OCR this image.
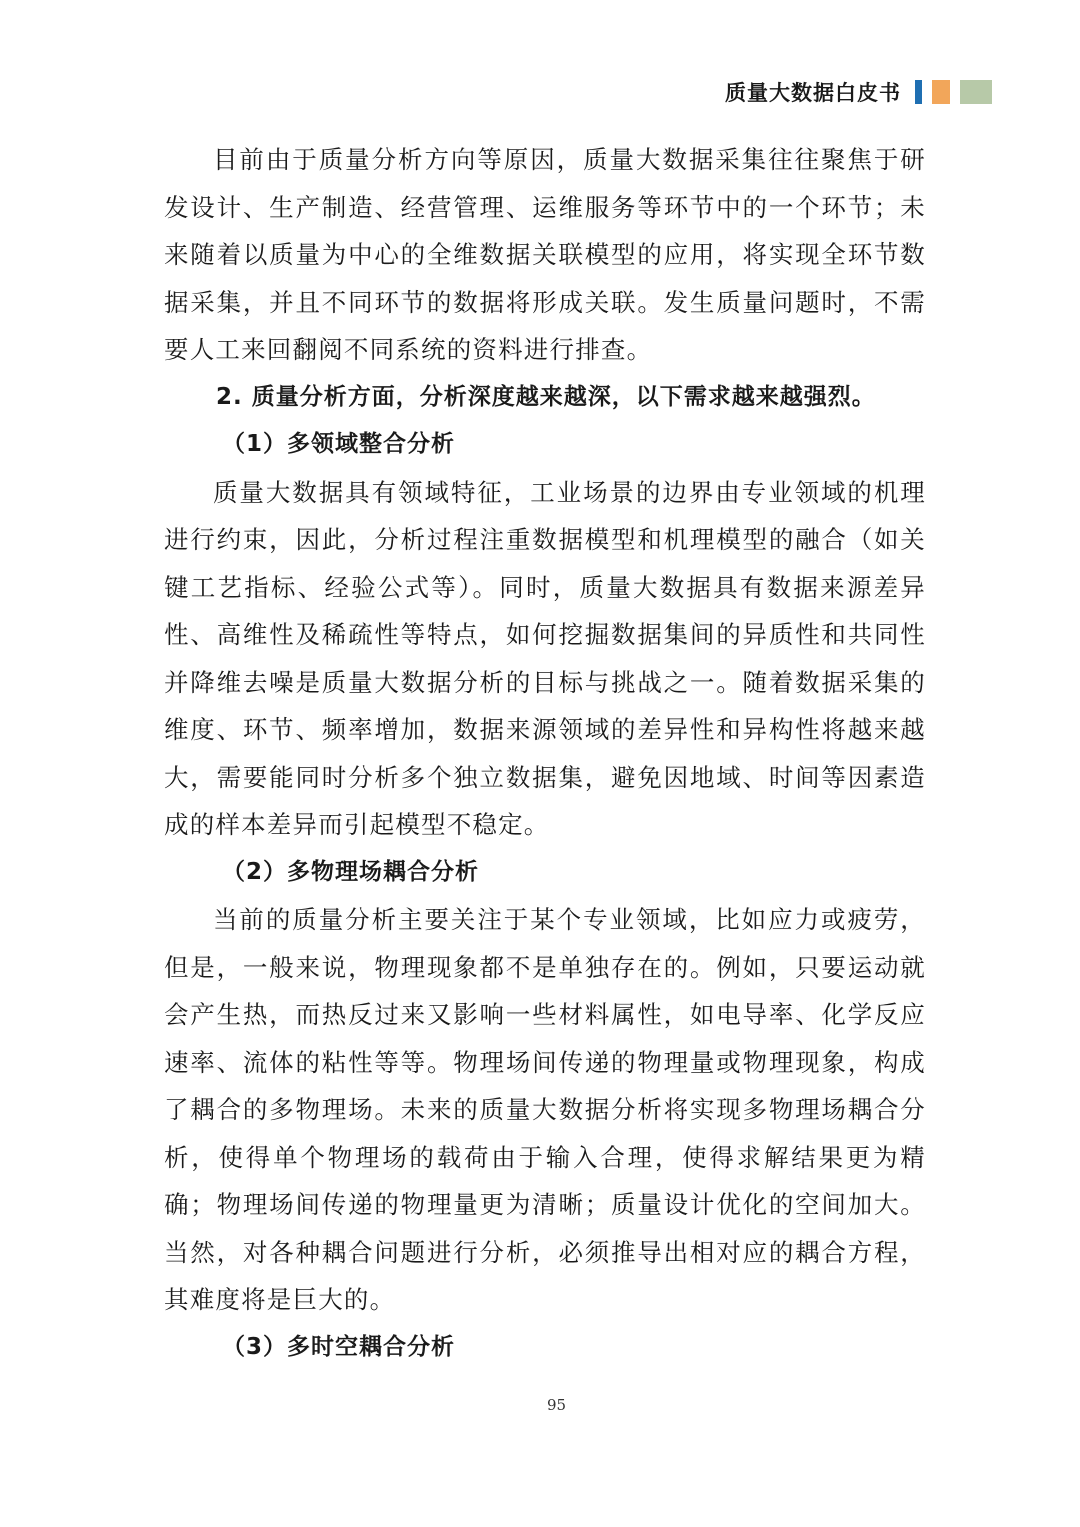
质量大数据白皮书

目前由于质量分析方向等原因，质量大数据采集往往聚焦于研发设计、生产制造、经营管理、运维服务等环节中的一个环节；未来随着以质量为中心的全维数据关联模型的应用，将实现全环节数据采集，并且不同环节的数据将形成关联。发生质量问题时，不需要人工来回翻阅不同系统的资料进行排查。

2. 质量分析方面，分析深度越来越深，以下需求越来越强烈。

（1）多领域整合分析

质量大数据具有领域特征，工业场景的边界由专业领域的机理进行约束，因此，分析过程注重数据模型和机理模型的融合（如关键工艺指标、经验公式等）。同时，质量大数据具有数据来源差异性、高维性及稀疏性等特点，如何挖掘数据集间的异质性和共同性并降维去噪是质量大数据分析的目标与挑战之一。随着数据采集的维度、环节、频率增加，数据来源领域的差异性和异构性将越来越大，需要能同时分析多个独立数据集，避免因地域、时间等因素造成的样本差异而引起模型不稳定。

（2）多物理场耦合分析

当前的质量分析主要关注于某个专业领域，比如应力或疲劳，但是，一般来说，物理现象都不是单独存在的。例如，只要运动就会产生热，而热反过来又影响一些材料属性，如电导率、化学反应速率、流体的粘性等等。物理场间传递的物理量或物理现象，构成了耦合的多物理场。未来的质量大数据分析将实现多物理场耦合分析，使得单个物理场的载荷由于输入合理，使得求解结果更为精确；物理场间传递的物理量更为清晰；质量设计优化的空间加大。当然，对各种耦合问题进行分析，必须推导出相对应的耦合方程，其难度将是巨大的。

（3）多时空耦合分析

95
